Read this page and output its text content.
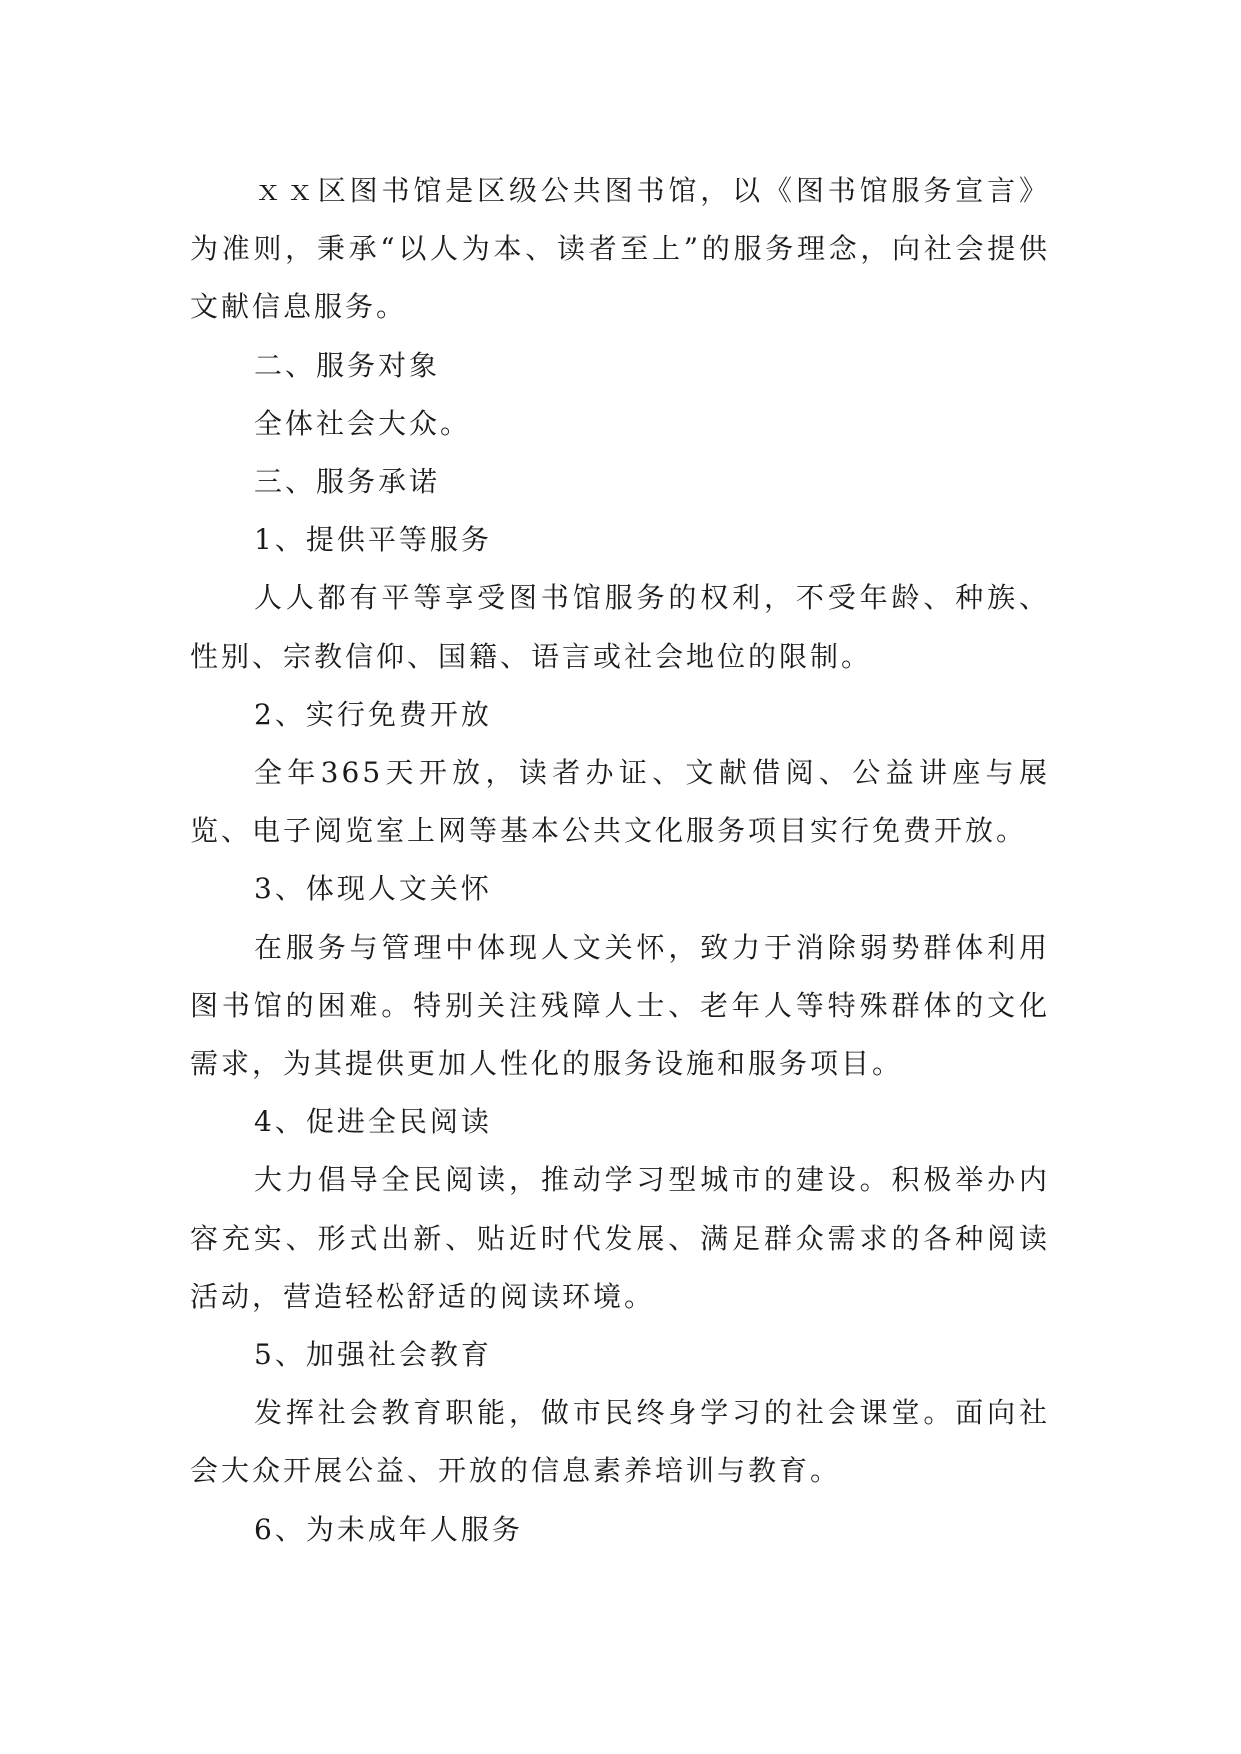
ｘｘ区图书馆是区级公共图书馆，以《图书馆服务宣言》为准则，秉承“以人为本、读者至上”的服务理念，向社会提供文献信息服务。

二、服务对象

全体社会大众。

三、服务承诺

1、提供平等服务

人人都有平等享受图书馆服务的权利，不受年龄、种族、性别、宗教信仰、国籍、语言或社会地位的限制。

2、实行免费开放

全年365天开放，读者办证、文献借阅、公益讲座与展览、电子阅览室上网等基本公共文化服务项目实行免费开放。

3、体现人文关怀

在服务与管理中体现人文关怀，致力于消除弱势群体利用图书馆的困难。特别关注残障人士、老年人等特殊群体的文化需求，为其提供更加人性化的服务设施和服务项目。

4、促进全民阅读

大力倡导全民阅读，推动学习型城市的建设。积极举办内容充实、形式出新、贴近时代发展、满足群众需求的各种阅读活动，营造轻松舒适的阅读环境。

5、加强社会教育

发挥社会教育职能，做市民终身学习的社会课堂。面向社会大众开展公益、开放的信息素养培训与教育。

6、为未成年人服务
